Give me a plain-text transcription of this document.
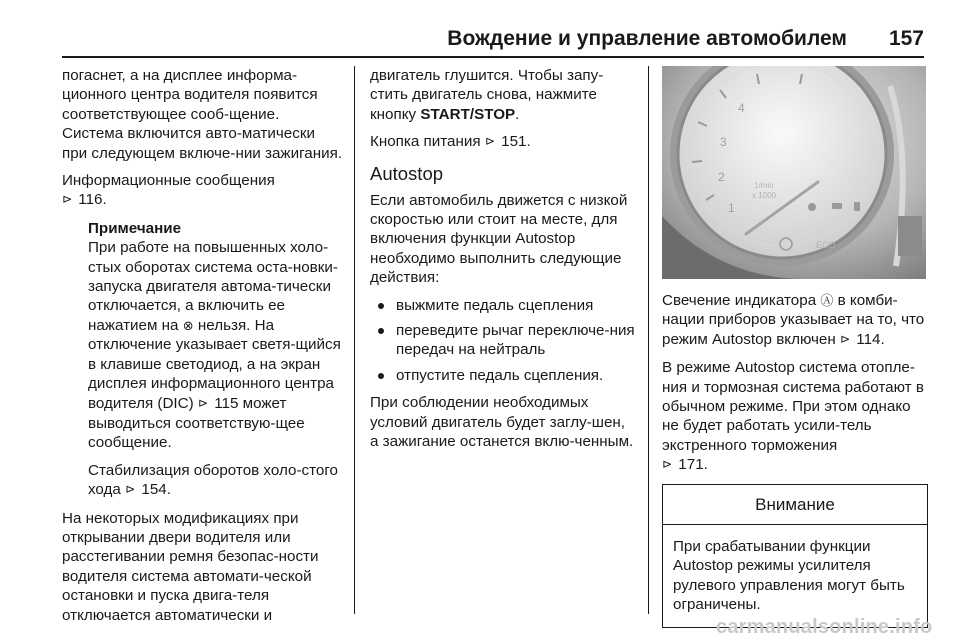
Вождение и управление автомобилем 157

погаснет, а на дисплее информа-ционного центра водителя появится соответствующее сооб-щение. Система включится авто-матически при следующем включе-нии зажигания.

Информационные сообщения
⊳ 116.

Примечание

При работе на повышенных холо-стых оборотах система оста-новки-запуска двигателя автома-тически отключается, а включить ее нажатием на ⊗ нельзя. На отключение указывает светя-щийся в клавише светодиод, а на экран дисплея информационного центра водителя (DIC) ⊳ 115 может выводиться соответствую-щее сообщение.

Стабилизация оборотов холо-стого хода ⊳ 154.

На некоторых модификациях при открывании двери водителя или расстегивании ремня безопас-ности водителя система автомати-ческой остановки и пуска двига-теля отключается автоматически и

двигатель глушится. Чтобы запу-стить двигатель снова, нажмите кнопку START/STOP.

Кнопка питания ⊳ 151.

Autostop

Если автомобиль движется с низкой скоростью или стоит на месте, для включения функции Autostop необходимо выполнить следующие действия:

выжмите педаль сцепления
переведите рычаг переключе-ния передач на нейтраль
отпустите педаль сцепления.

При соблюдении необходимых условий двигатель будет заглу-шен, а зажигание останется вклю-ченным.

4
3
2
1
1/min
x 1000
ECO

Свечение индикатора Ⓐ в комби-нации приборов указывает на то, что режим Autostop включен ⊳ 114.

В режиме Autostop система отопле-ния и тормозная система работают в обычном режиме. При этом однако не будет работать усили-тель экстренного торможения
⊳ 171.

Внимание
При срабатывании функции Autostop режимы усилителя рулевого управления могут быть ограничены.
carmanualsonline.info
